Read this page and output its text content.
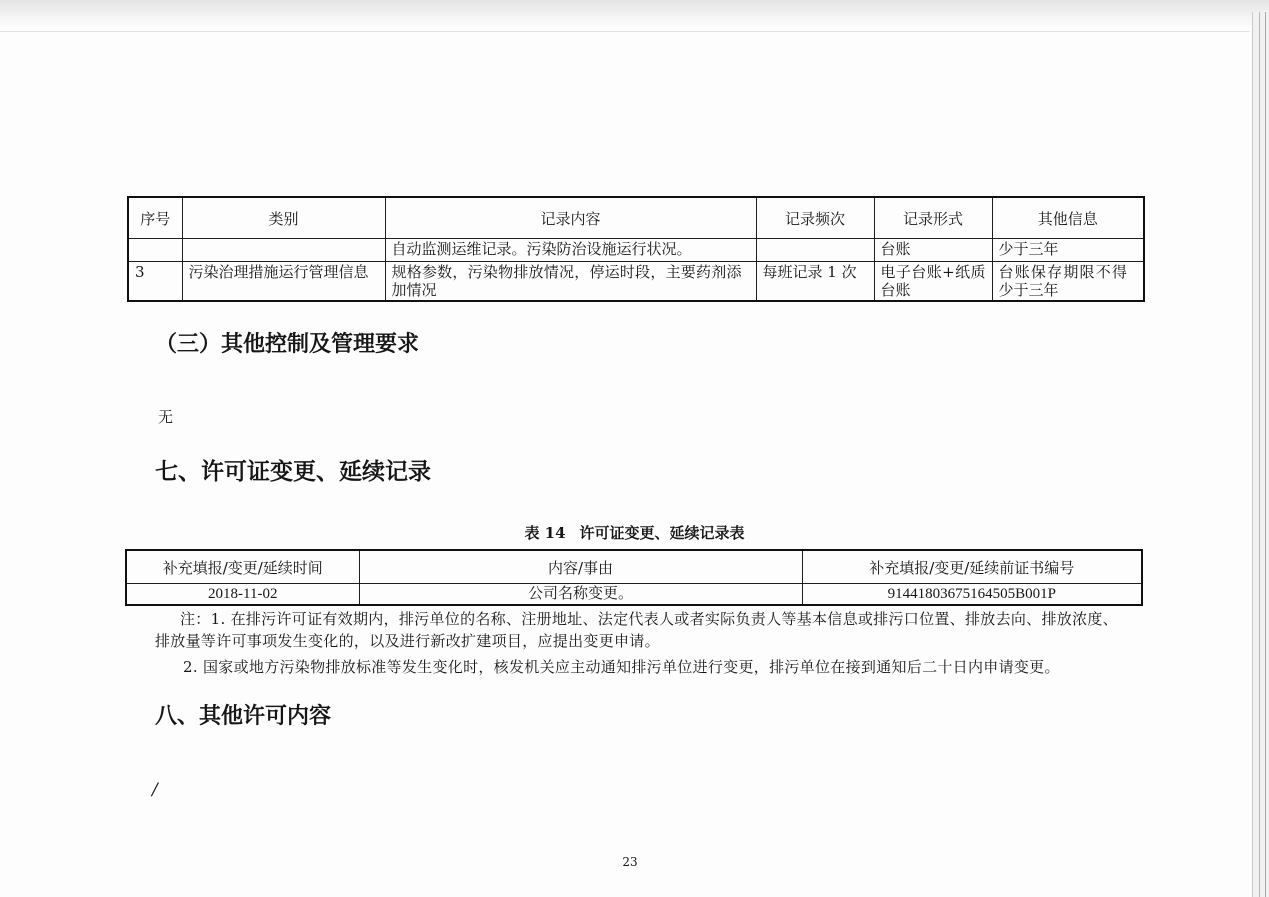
序号	类别	记录内容	记录频次	记录形式	其他信息
		自动监测运维记录。污染防治设施运行状况。		台账	少于三年
3	污染治理措施运行管理信息	规格参数，污染物排放情况，停运时段，主要药剂添加情况	每班记录 1 次	电子台账+纸质台账	台账保存期限不得少于三年
（三）其他控制及管理要求
无
七、许可证变更、延续记录
表 14 许可证变更、延续记录表
补充填报/变更/延续时间	内容/事由	补充填报/变更/延续前证书编号
2018-11-02	公司名称变更。	91441803675164505B001P
注：1. 在排污许可证有效期内，排污单位的名称、注册地址、法定代表人或者实际负责人等基本信息或排污口位置、排放去向、排放浓度、
排放量等许可事项发生变化的，以及进行新改扩建项目，应提出变更申请。
2. 国家或地方污染物排放标准等发生变化时，核发机关应主动通知排污单位进行变更，排污单位在接到通知后二十日内申请变更。
八、其他许可内容
/
23
